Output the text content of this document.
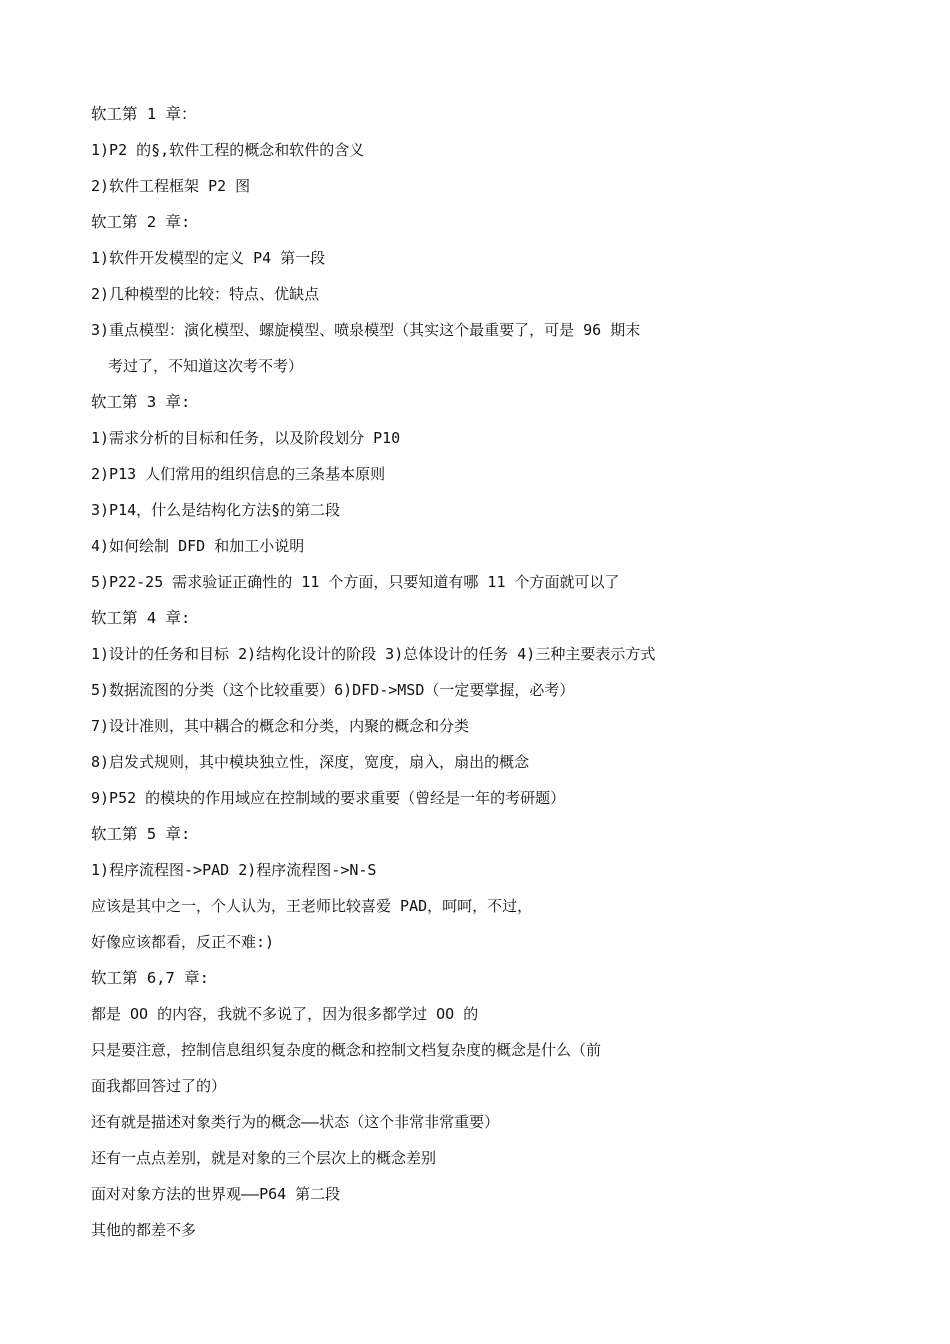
软工第 1 章：
1)P2 的§,软件工程的概念和软件的含义
2)软件工程框架 P2 图
软工第 2 章:
1)软件开发模型的定义 P4 第一段
2)几种模型的比较：特点、优缺点
3)重点模型：演化模型、螺旋模型、喷泉模型（其实这个最重要了，可是 96 期末
考过了，不知道这次考不考）
软工第 3 章:
1)需求分析的目标和任务，以及阶段划分 P10
2)P13 人们常用的组织信息的三条基本原则
3)P14，什么是结构化方法§的第二段
4)如何绘制 DFD 和加工小说明
5)P22-25 需求验证正确性的 11 个方面，只要知道有哪 11 个方面就可以了
软工第 4 章:
1)设计的任务和目标 2)结构化设计的阶段 3)总体设计的任务 4)三种主要表示方式
5)数据流图的分类（这个比较重要）6)DFD->MSD（一定要掌握，必考）
7)设计准则，其中耦合的概念和分类，内聚的概念和分类
8)启发式规则，其中模块独立性，深度，宽度，扇入，扇出的概念
9)P52 的模块的作用域应在控制域的要求重要（曾经是一年的考研题）
软工第 5 章:
1)程序流程图->PAD 2)程序流程图->N-S
应该是其中之一，个人认为，王老师比较喜爱 PAD，呵呵，不过，
好像应该都看，反正不难:)
软工第 6,7 章:
都是 OO 的内容，我就不多说了，因为很多都学过 OO 的
只是要注意，控制信息组织复杂度的概念和控制文档复杂度的概念是什么（前
面我都回答过了的）
还有就是描述对象类行为的概念——状态（这个非常非常重要）
还有一点点差别，就是对象的三个层次上的概念差别
面对对象方法的世界观——P64 第二段
其他的都差不多
